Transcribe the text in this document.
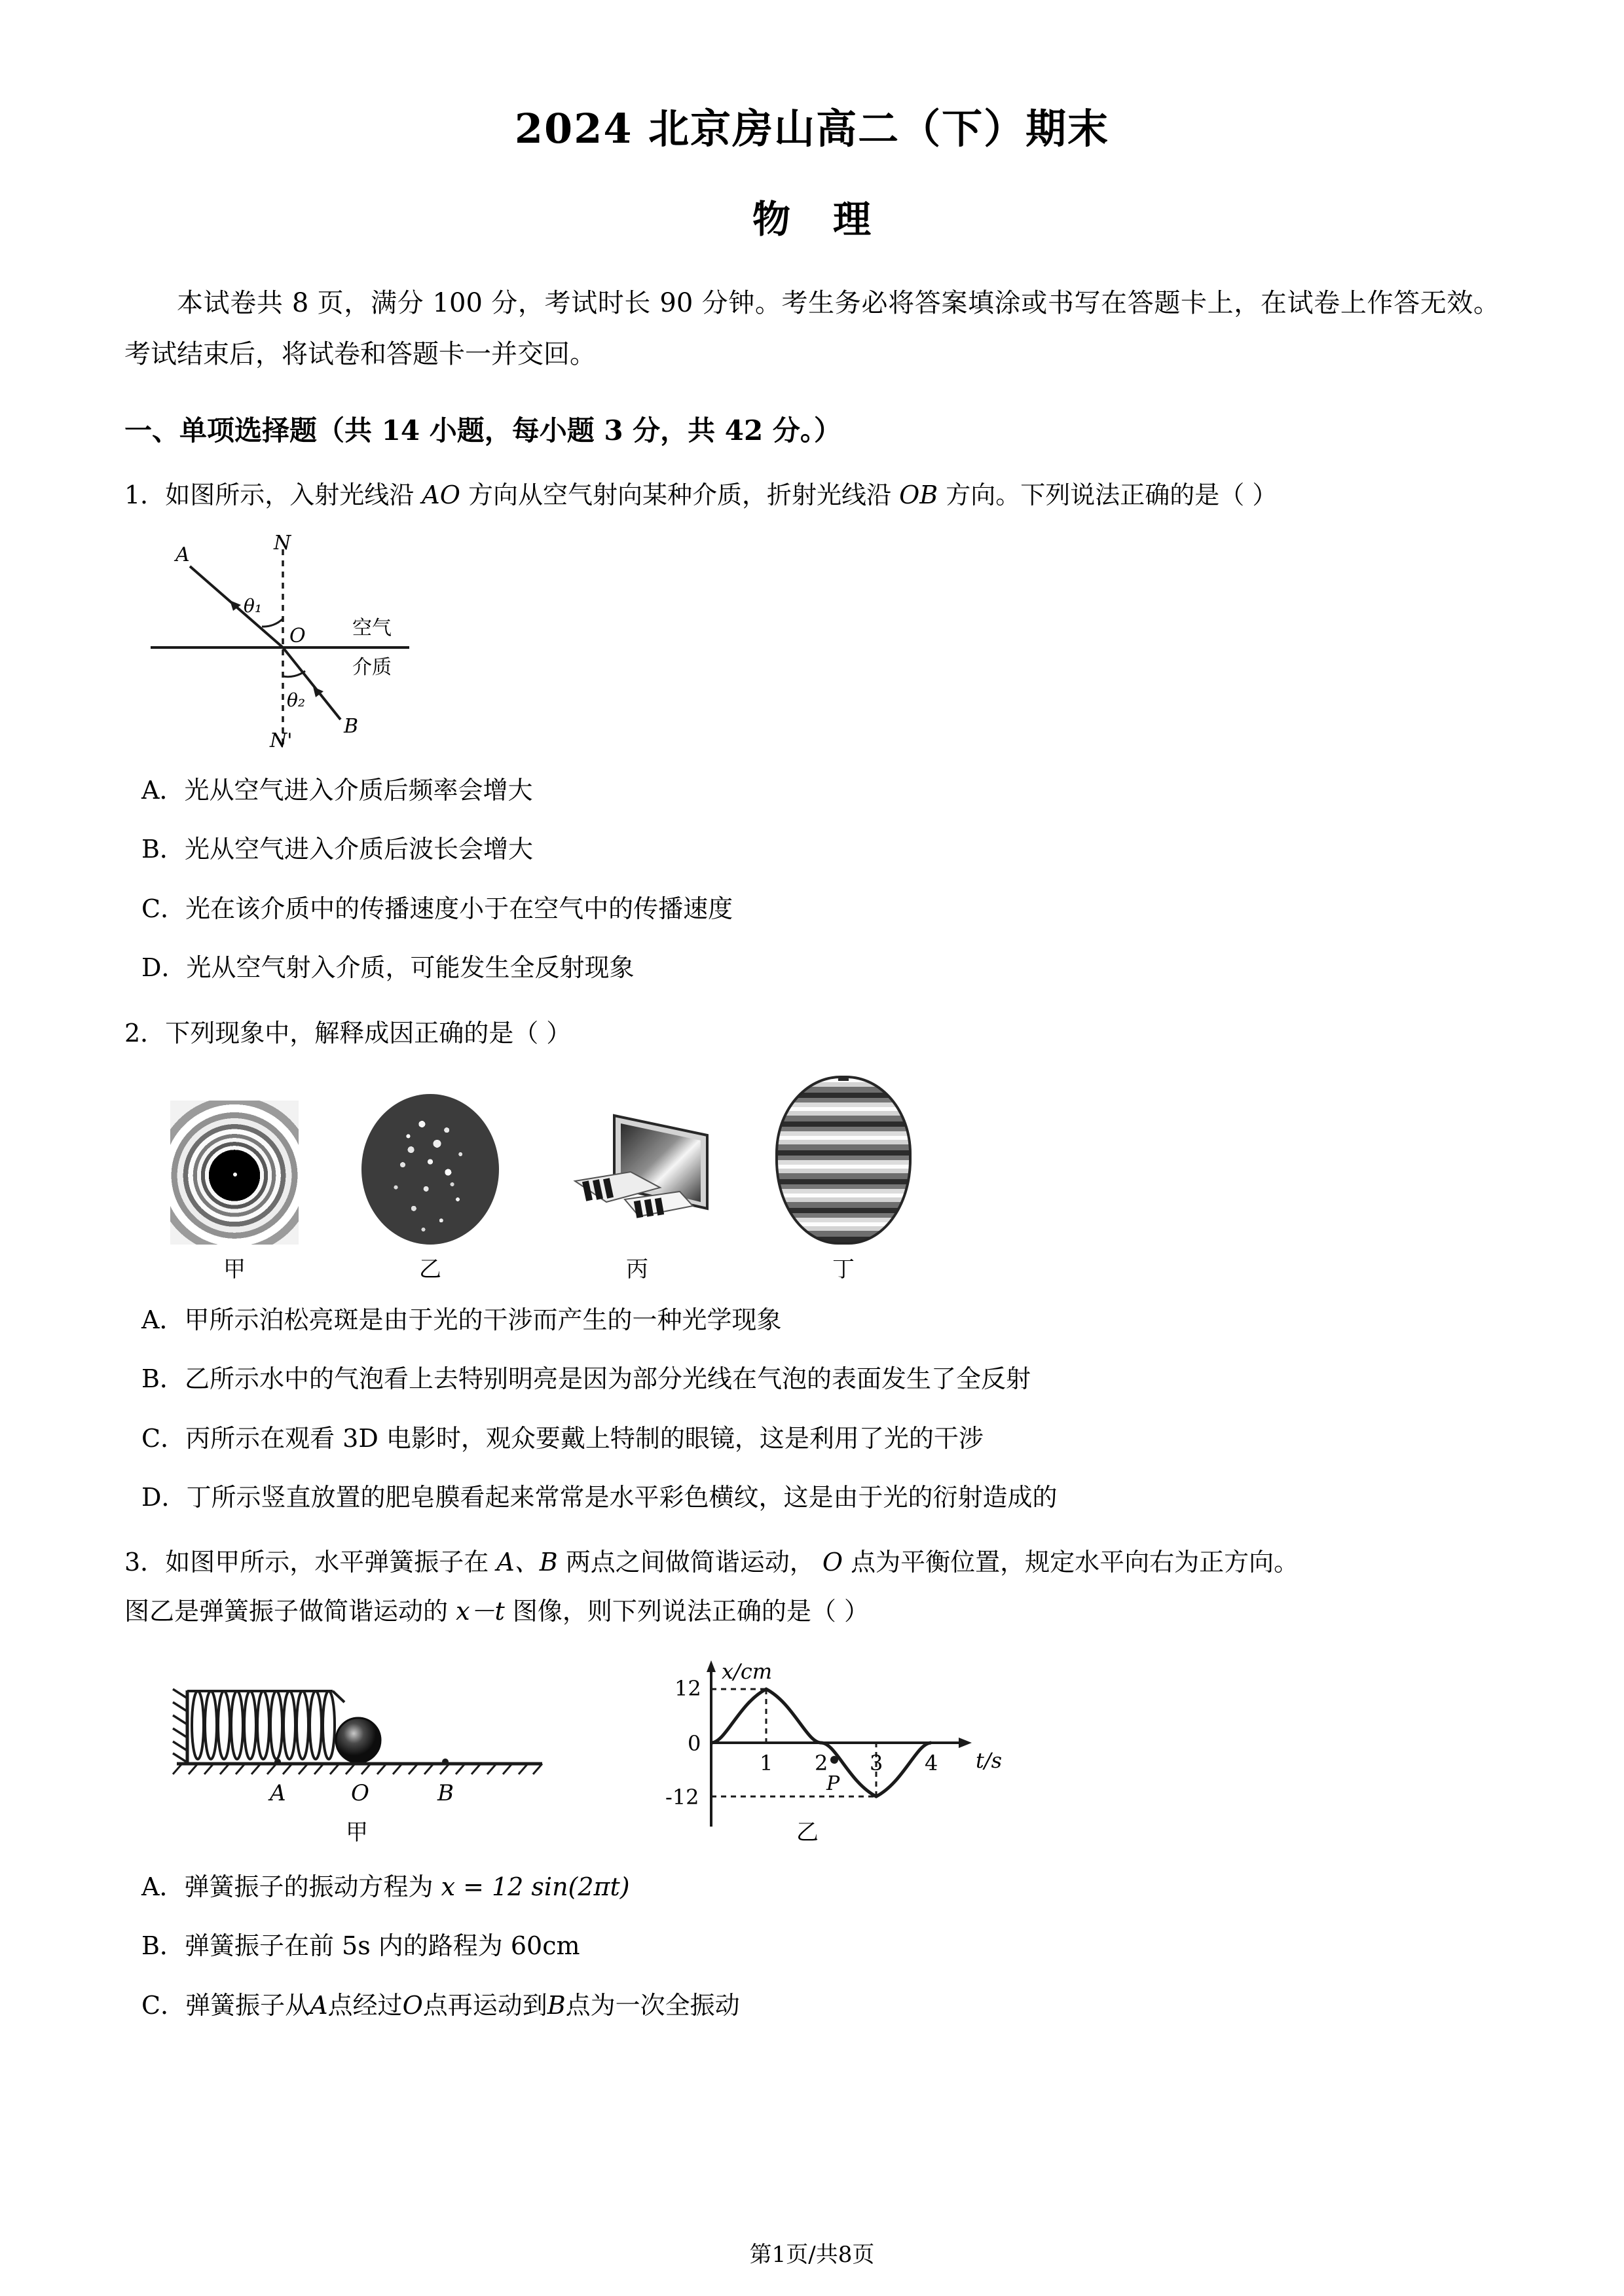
2024 北京房山高二（下）期末
物 理
本试卷共 8 页，满分 100 分，考试时长 90 分钟。考生务必将答案填涂或书写在答题卡上，在试卷上作答无效。考试结束后，将试卷和答题卡一并交回。
一、单项选择题（共 14 小题，每小题 3 分，共 42 分。）
1．如图所示，入射光线沿 AO 方向从空气射向某种介质，折射光线沿 OB 方向。下列说法正确的是（ ）
A
B
N
N'
O
θ₁
θ₂
空气
介质
A．光从空气进入介质后频率会增大
B．光从空气进入介质后波长会增大
C．光在该介质中的传播速度小于在空气中的传播速度
D．光从空气射入介质，可能发生全反射现象
2．下列现象中，解释成因正确的是（ ）
甲	乙	丙	丁
A．甲所示泊松亮斑是由于光的干涉而产生的一种光学现象
B．乙所示水中的气泡看上去特别明亮是因为部分光线在气泡的表面发生了全反射
C．丙所示在观看 3D 电影时，观众要戴上特制的眼镜，这是利用了光的干涉
D．丁所示竖直放置的肥皂膜看起来常常是水平彩色横纹，这是由于光的衍射造成的
3．如图甲所示，水平弹簧振子在 A、B 两点之间做简谐运动， O 点为平衡位置，规定水平向右为正方向。
图乙是弹簧振子做简谐运动的 x－t 图像，则下列说法正确的是（ ）
A	O	B
甲
P
12
0
-12
1 2 3 4
x/cm
t/s
乙
A．弹簧振子的振动方程为 x = 12 sin(2πt)
B．弹簧振子在前 5s 内的路程为 60cm
C．弹簧振子从A点经过O点再运动到B点为一次全振动
第1页/共8页
